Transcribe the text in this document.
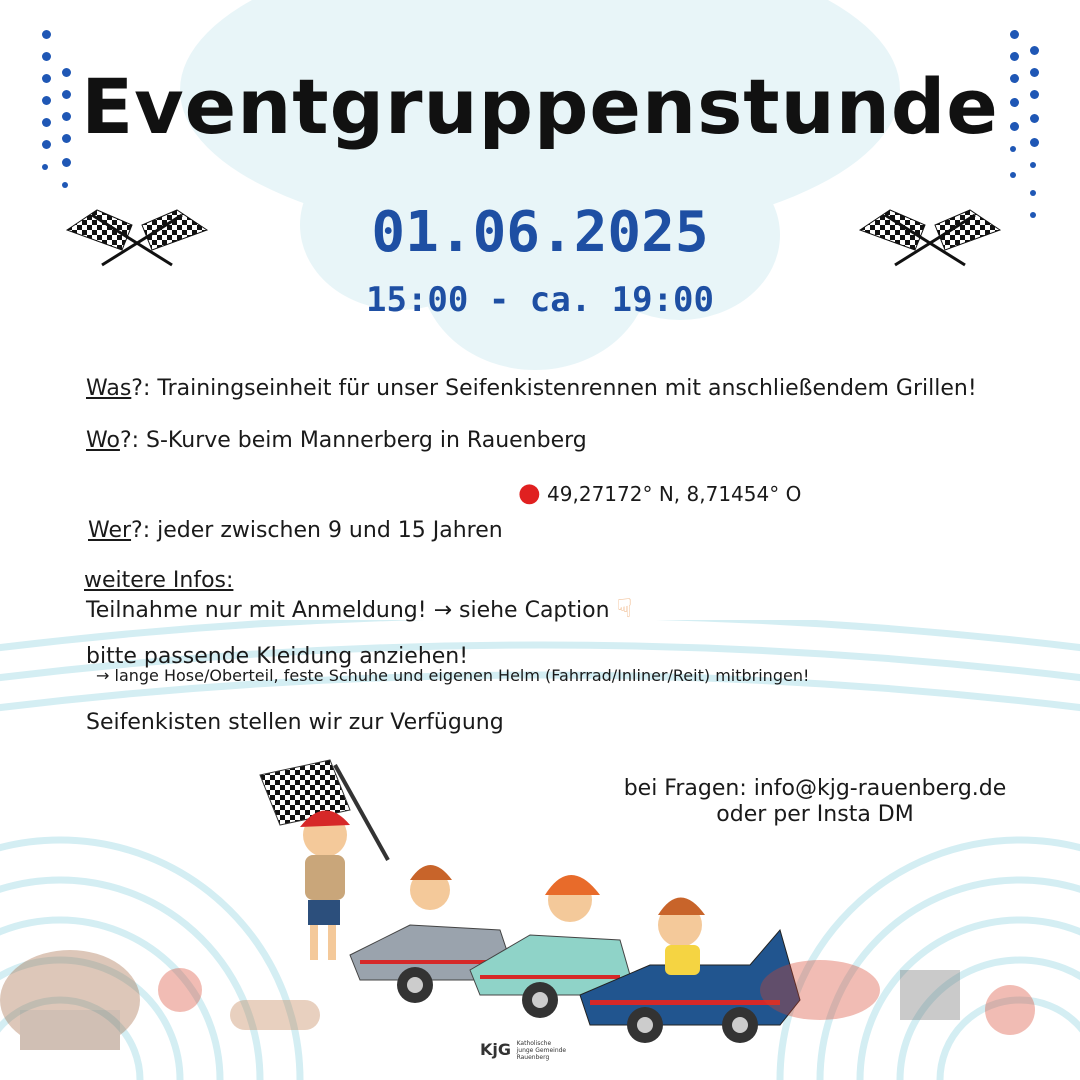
Eventgruppenstunde
01.06.2025
15:00 - ca. 19:00
Was?: Trainingseinheit für unser Seifenkistenrennen mit anschließendem Grillen!
Wo?: S-Kurve beim Mannerberg in Rauenberg
● 49,27172° N, 8,71454° O
Wer?: jeder zwischen 9 und 15 Jahren
weitere Infos:
Teilnahme nur mit Anmeldung! → siehe Caption ☟
bitte passende Kleidung anziehen!
→ lange Hose/Oberteil, feste Schuhe und eigenen Helm (Fahrrad/Inliner/Reit) mitbringen!
Seifenkisten stellen wir zur Verfügung
bei Fragen: info@kjg-rauenberg.de
oder per Insta DM
KjG Katholische junge Gemeinde Rauenberg
